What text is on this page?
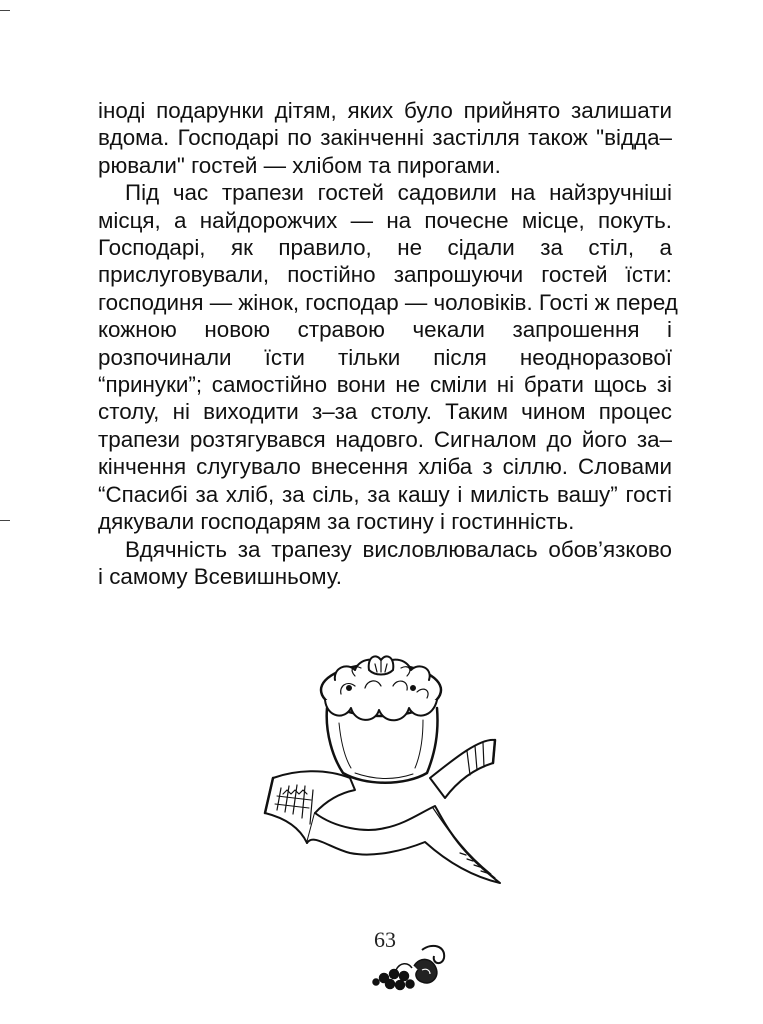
іноді подарунки дітям, яких було прийнято залишати
вдома. Господарі по закінченні застілля також "відда–
рювали" гостей — хлібом та пирогами.
Під час трапези гостей садовили на найзручніші
місця, а найдорожчих — на почесне місце, покуть.
Господарі, як правило, не сідали за стіл, а
прислуговували, постійно запрошуючи гостей їсти:
господиня — жінок, господар — чоловіків. Гості ж перед
кожною новою стравою чекали запрошення і
розпочинали їсти тільки після неодноразової
“принуки”; самостійно вони не сміли ні брати щось зі
столу, ні виходити з–за столу. Таким чином процес
трапези розтягувався надовго. Сигналом до його за–
кінчення слугувало внесення хліба з сіллю. Словами
“Спасибі за хліб, за сіль, за кашу і милість вашу” гості
дякували господарям за гостину і гостинність.
Вдячність за трапезу висловлювалась обов’язково
і самому Всевишньому.
63
